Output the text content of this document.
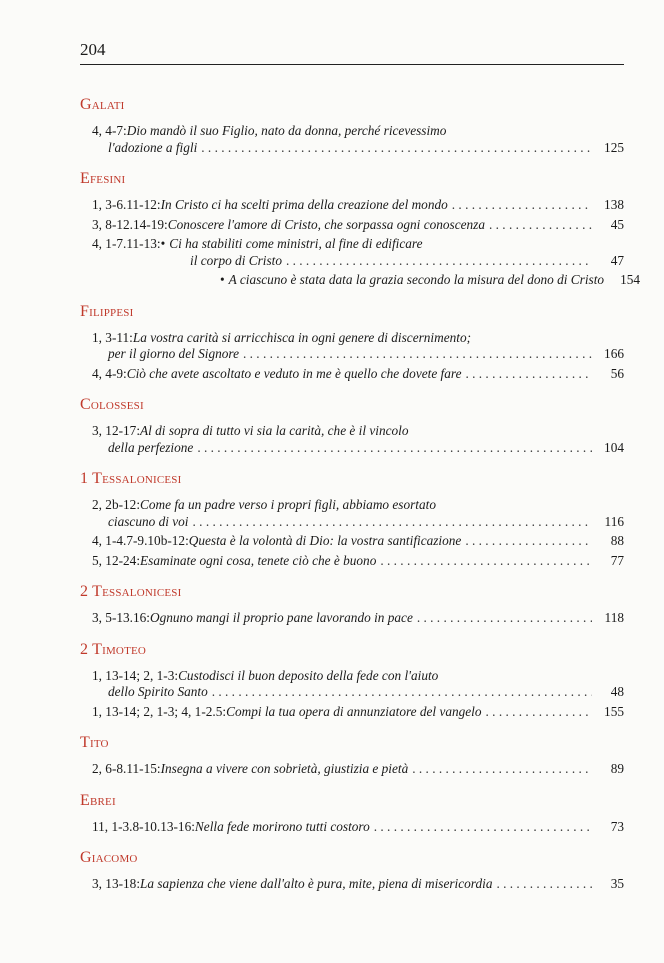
204
Galati
4, 4-7: Dio mandò il suo Figlio, nato da donna, perché ricevessimo
l'adozione a figli . . .	125
Efesini
1, 3-6.11-12: In Cristo ci ha scelti prima della creazione del mondo . . .	138
3, 8-12.14-19: Conoscere l'amore di Cristo, che sorpassa ogni conoscenza . . .	45
4, 1-7.11-13: • Ci ha stabiliti come ministri, al fine di edificare
il corpo di Cristo . . .	47
• A ciascuno è stata data la grazia secondo la misura del dono di Cristo	154
Filippesi
1, 3-11: La vostra carità si arricchisca in ogni genere di discernimento;
per il giorno del Signore . . .	166
4, 4-9: Ciò che avete ascoltato e veduto in me è quello che dovete fare . . .	56
Colossesi
3, 12-17: Al di sopra di tutto vi sia la carità, che è il vincolo
della perfezione . . .	104
1 Tessalonicesi
2, 2b-12: Come fa un padre verso i propri figli, abbiamo esortato
ciascuno di voi . . .	116
4, 1-4.7-9.10b-12: Questa è la volontà di Dio: la vostra santificazione . . .	88
5, 12-24: Esaminate ogni cosa, tenete ciò che è buono . . .	77
2 Tessalonicesi
3, 5-13.16: Ognuno mangi il proprio pane lavorando in pace . . .	118
2 Timoteo
1, 13-14; 2, 1-3: Custodisci il buon deposito della fede con l'aiuto
dello Spirito Santo . . .	48
1, 13-14; 2, 1-3; 4, 1-2.5: Compi la tua opera di annunziatore del vangelo . . .	155
Tito
2, 6-8.11-15: Insegna a vivere con sobrietà, giustizia e pietà . . .	89
Ebrei
11, 1-3.8-10.13-16: Nella fede morirono tutti costoro . . .	73
Giacomo
3, 13-18: La sapienza che viene dall'alto è pura, mite, piena di misericordia . . .	35
